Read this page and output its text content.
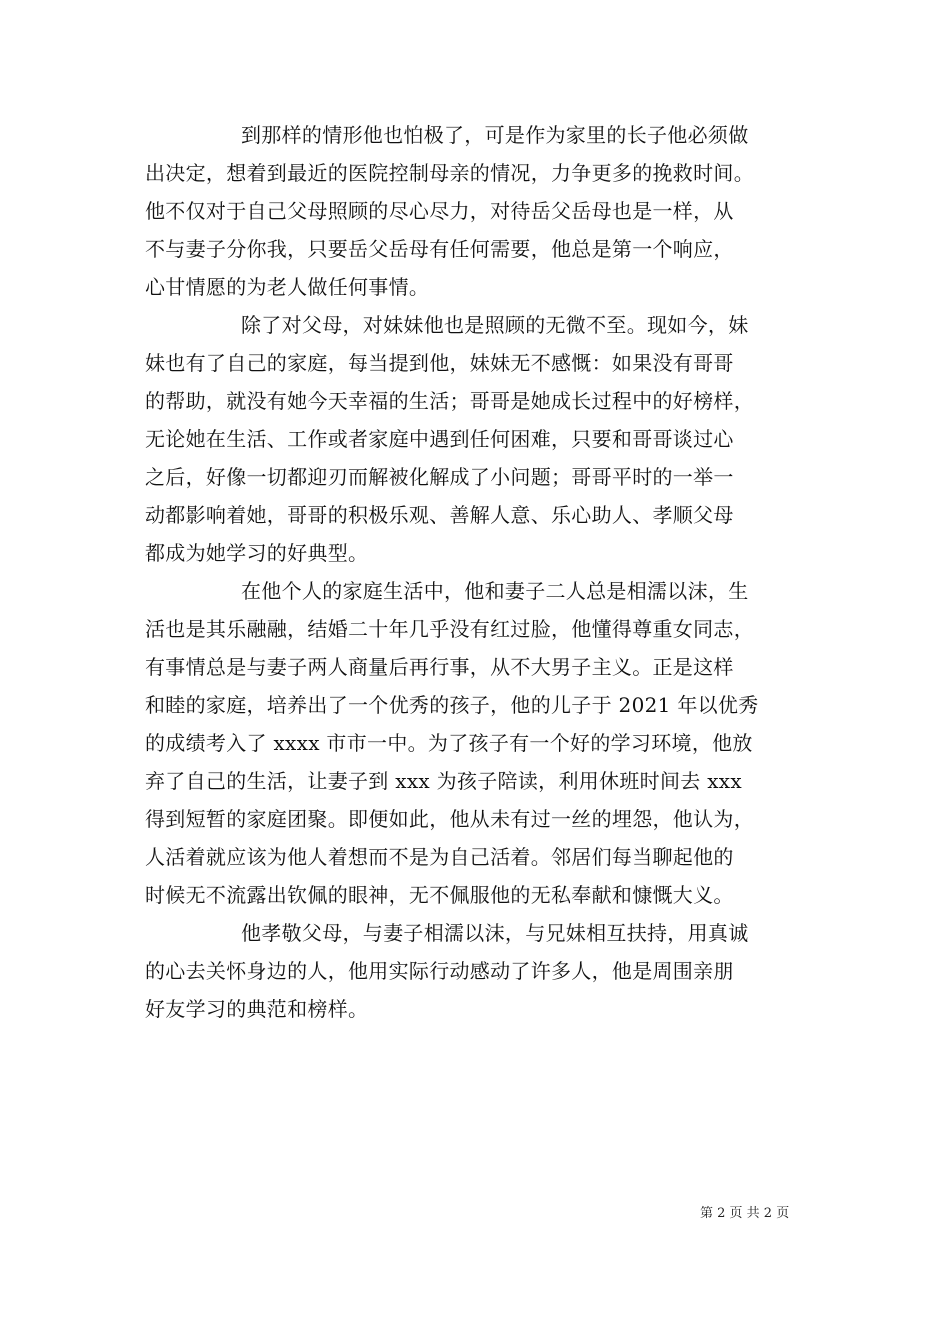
到那样的情形他也怕极了，可是作为家里的长子他必须做
出决定，想着到最近的医院控制母亲的情况，力争更多的挽救时间。
他不仅对于自己父母照顾的尽心尽力，对待岳父岳母也是一样，从
不与妻子分你我，只要岳父岳母有任何需要，他总是第一个响应，
心甘情愿的为老人做任何事情。
除了对父母，对妹妹他也是照顾的无微不至。现如今，妹
妹也有了自己的家庭，每当提到他，妹妹无不感慨：如果没有哥哥
的帮助，就没有她今天幸福的生活；哥哥是她成长过程中的好榜样，
无论她在生活、工作或者家庭中遇到任何困难，只要和哥哥谈过心
之后，好像一切都迎刃而解被化解成了小问题；哥哥平时的一举一
动都影响着她，哥哥的积极乐观、善解人意、乐心助人、孝顺父母
都成为她学习的好典型。
在他个人的家庭生活中，他和妻子二人总是相濡以沫，生
活也是其乐融融，结婚二十年几乎没有红过脸，他懂得尊重女同志，
有事情总是与妻子两人商量后再行事，从不大男子主义。正是这样
和睦的家庭，培养出了一个优秀的孩子，他的儿子于 2021 年以优秀
的成绩考入了 xxxx 市市一中。为了孩子有一个好的学习环境，他放
弃了自己的生活，让妻子到 xxx 为孩子陪读，利用休班时间去 xxx
得到短暂的家庭团聚。即便如此，他从未有过一丝的埋怨，他认为，
人活着就应该为他人着想而不是为自己活着。邻居们每当聊起他的
时候无不流露出钦佩的眼神，无不佩服他的无私奉献和慷慨大义。
他孝敬父母，与妻子相濡以沫，与兄妹相互扶持，用真诚
的心去关怀身边的人，他用实际行动感动了许多人，他是周围亲朋
好友学习的典范和榜样。
第 2 页 共 2 页
